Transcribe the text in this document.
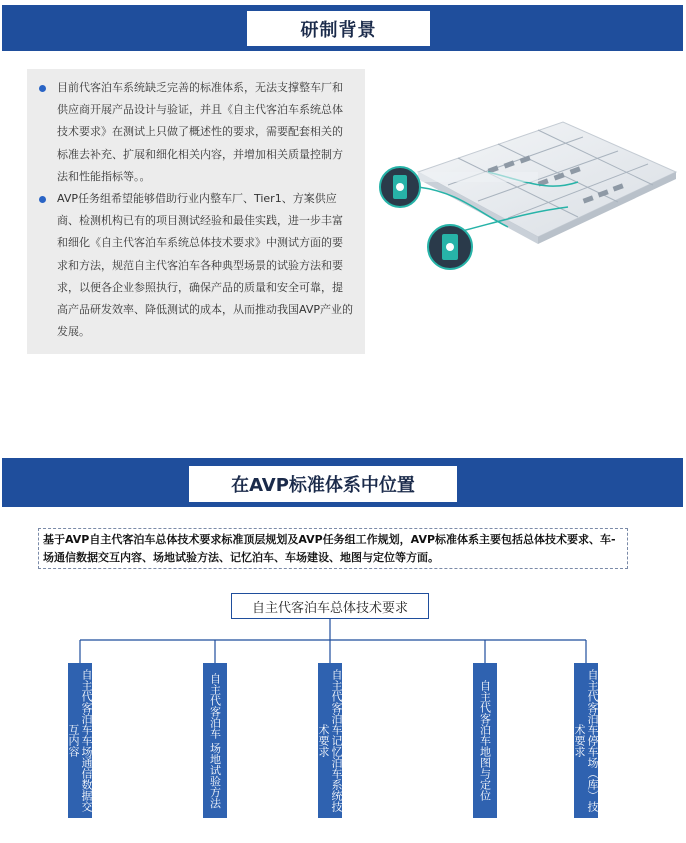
研制背景

目前代客泊车系统缺乏完善的标准体系，无法支撑整车厂和供应商开展产品设计与验证，并且《自主代客泊车系统总体技术要求》在测试上只做了概述性的要求，需要配套相关的标准去补充、扩展和细化相关内容，并增加相关质量控制方法和性能指标等。。

AVP任务组希望能够借助行业内整车厂、Tier1、方案供应商、检测机构已有的项目测试经验和最佳实践，进一步丰富和细化《自主代客泊车系统总体技术要求》中测试方面的要求和方法，规范自主代客泊车各种典型场景的试验方法和要求，以便各企业参照执行，确保产品的质量和安全可靠，提高产品研发效率、降低测试的成本，从而推动我国AVP产业的发展。

在AVP标准体系中位置
基于AVP自主代客泊车总体技术要求标准顶层规划及AVP任务组工作规划，AVP标准体系主要包括总体技术要求、车-场通信数据交互内容、场地试验方法、记忆泊车、车场建设、地图与定位等方面。
自主代客泊车总体技术要求
自主代客泊车车场通信数据交互内容	自主代客泊车 场地试验方法	自主代客泊车记忆泊车系统技术要求	自主代客泊车地图与定位	自主代客泊车停车场（库）技术要求
